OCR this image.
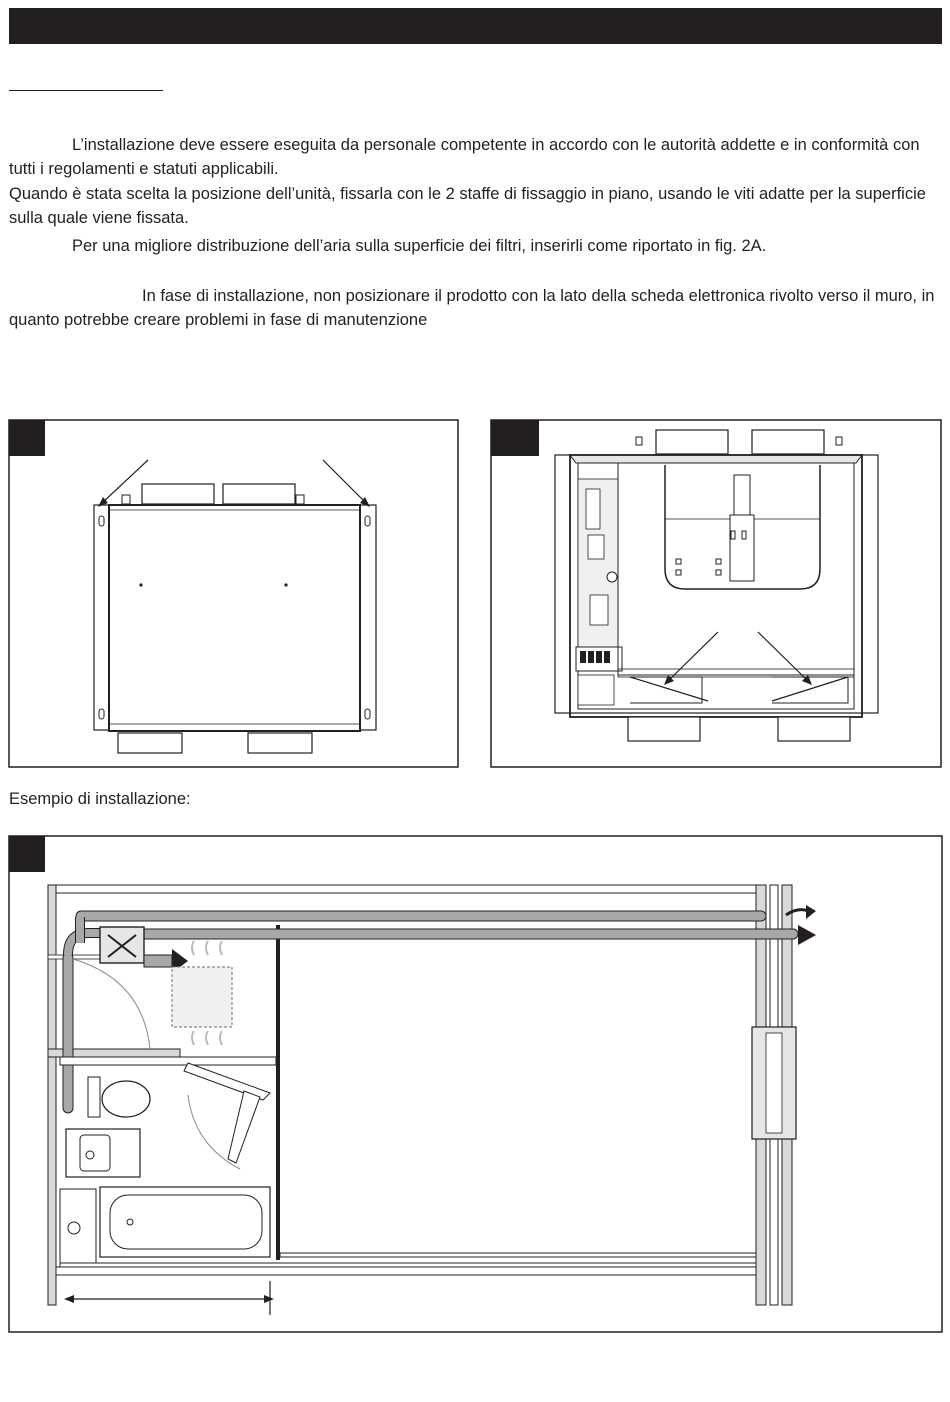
L’installazione deve essere eseguita da personale competente in accordo con le autorità addette e in conformità con tutti i regolamenti e statuti applicabili.

Quando è stata scelta la posizione dell’unità, fissarla con le 2 staffe di fissaggio in piano, usando le viti adatte per la superficie sulla quale viene fissata.

Per una migliore distribuzione dell’aria sulla superficie dei filtri, inserirli come riportato in fig. 2A.

In fase di installazione, non posizionare il prodotto con la lato della scheda elettronica rivolto verso il muro, in quanto potrebbe creare problemi in fase di manutenzione

Esempio di installazione:
